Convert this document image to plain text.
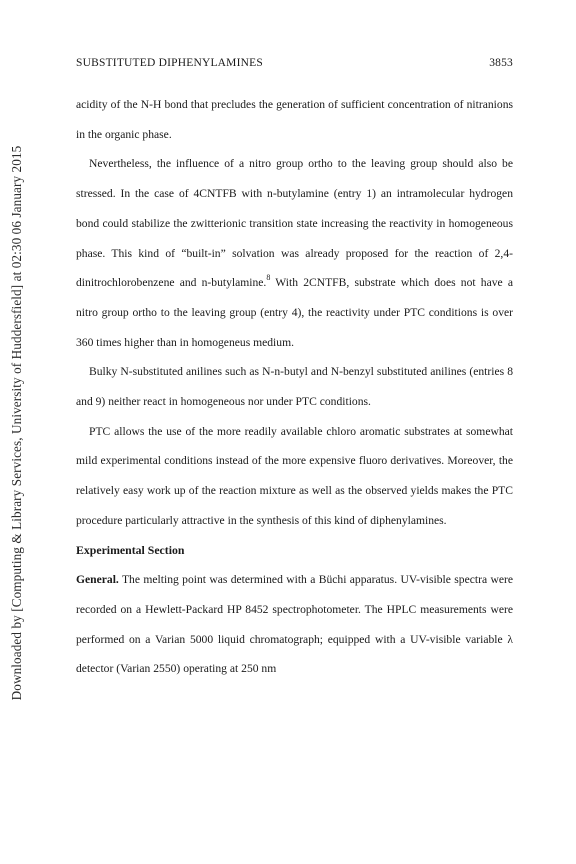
Downloaded by [Computing & Library Services, University of Huddersfield] at 02:30 06 January 2015
SUBSTITUTED DIPHENYLAMINES	3853

acidity of the N-H bond that precludes the generation of sufficient concentration of nitranions in the organic phase.

Nevertheless, the influence of a nitro group ortho to the leaving group should also be stressed. In the case of 4CNTFB with n-butylamine (entry 1) an intramolecular hydrogen bond could stabilize the zwitterionic transition state increasing the reactivity in homogeneous phase. This kind of “built-in” solvation was already proposed for the reaction of 2,4-dinitrochlorobenzene and n-butylamine.$^8$ With 2CNTFB, substrate which does not have a nitro group ortho to the leaving group (entry 4), the reactivity under PTC conditions is over 360 times higher than in homogeneus medium.

Bulky N-substituted anilines such as N-n-butyl and N-benzyl substituted anilines (entries 8 and 9) neither react in homogeneous nor under PTC conditions.

PTC allows the use of the more readily available chloro aromatic substrates at somewhat mild experimental conditions instead of the more expensive fluoro derivatives. Moreover, the relatively easy work up of the reaction mixture as well as the observed yields makes the PTC procedure particularly attractive in the synthesis of this kind of diphenylamines.

Experimental Section

General. The melting point was determined with a Büchi apparatus. UV-visible spectra were recorded on a Hewlett-Packard HP 8452 spectrophotometer. The HPLC measurements were performed on a Varian 5000 liquid chromatograph; equipped with a UV-visible variable λ detector (Varian 2550) operating at 250 nm
